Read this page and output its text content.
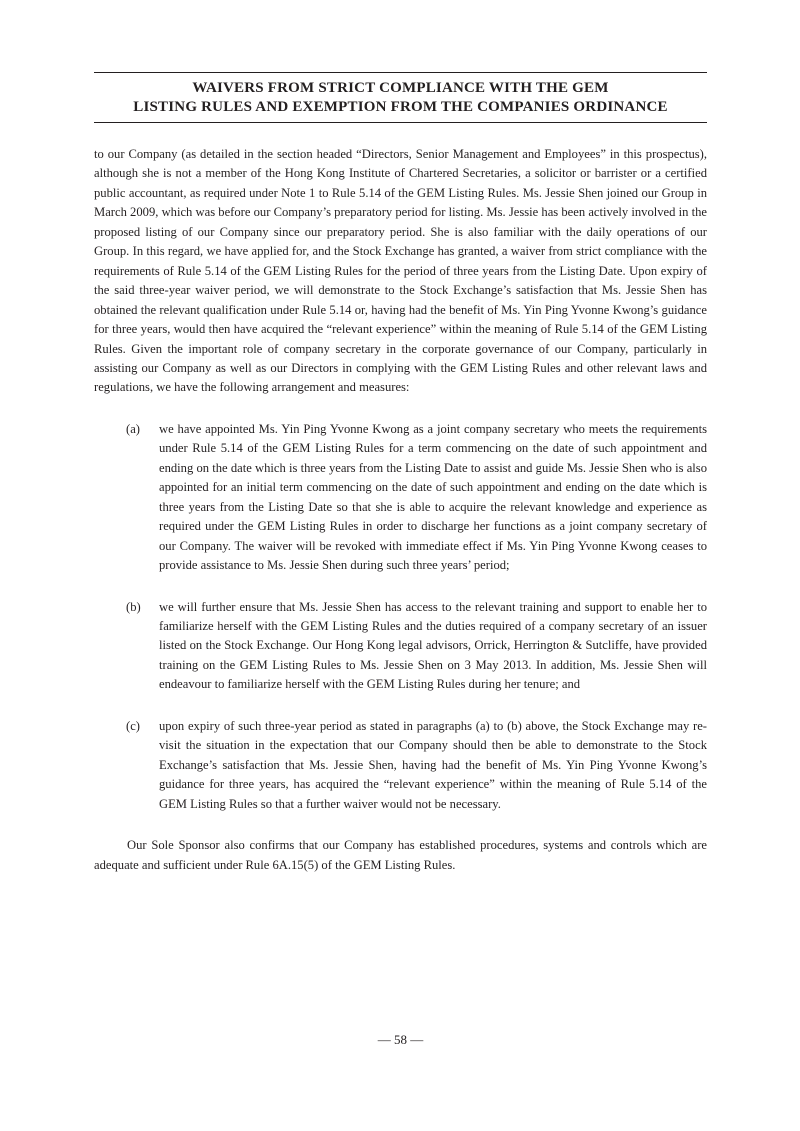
WAIVERS FROM STRICT COMPLIANCE WITH THE GEM
LISTING RULES AND EXEMPTION FROM THE COMPANIES ORDINANCE

to our Company (as detailed in the section headed “Directors, Senior Management and Employees” in this prospectus), although she is not a member of the Hong Kong Institute of Chartered Secretaries, a solicitor or barrister or a certified public accountant, as required under Note 1 to Rule 5.14 of the GEM Listing Rules. Ms. Jessie Shen joined our Group in March 2009, which was before our Company’s preparatory period for listing. Ms. Jessie has been actively involved in the proposed listing of our Company since our preparatory period. She is also familiar with the daily operations of our Group. In this regard, we have applied for, and the Stock Exchange has granted, a waiver from strict compliance with the requirements of Rule 5.14 of the GEM Listing Rules for the period of three years from the Listing Date. Upon expiry of the said three-year waiver period, we will demonstrate to the Stock Exchange’s satisfaction that Ms. Jessie Shen has obtained the relevant qualification under Rule 5.14 or, having had the benefit of Ms. Yin Ping Yvonne Kwong’s guidance for three years, would then have acquired the “relevant experience” within the meaning of Rule 5.14 of the GEM Listing Rules. Given the important role of company secretary in the corporate governance of our Company, particularly in assisting our Company as well as our Directors in complying with the GEM Listing Rules and other relevant laws and regulations, we have the following arrangement and measures:

(a)	we have appointed Ms. Yin Ping Yvonne Kwong as a joint company secretary who meets the requirements under Rule 5.14 of the GEM Listing Rules for a term commencing on the date of such appointment and ending on the date which is three years from the Listing Date to assist and guide Ms. Jessie Shen who is also appointed for an initial term commencing on the date of such appointment and ending on the date which is three years from the Listing Date so that she is able to acquire the relevant knowledge and experience as required under the GEM Listing Rules in order to discharge her functions as a joint company secretary of our Company. The waiver will be revoked with immediate effect if Ms. Yin Ping Yvonne Kwong ceases to provide assistance to Ms. Jessie Shen during such three years’ period;

(b)	we will further ensure that Ms. Jessie Shen has access to the relevant training and support to enable her to familiarize herself with the GEM Listing Rules and the duties required of a company secretary of an issuer listed on the Stock Exchange. Our Hong Kong legal advisors, Orrick, Herrington & Sutcliffe, have provided training on the GEM Listing Rules to Ms. Jessie Shen on 3 May 2013. In addition, Ms. Jessie Shen will endeavour to familiarize herself with the GEM Listing Rules during her tenure; and

(c)	upon expiry of such three-year period as stated in paragraphs (a) to (b) above, the Stock Exchange may re-visit the situation in the expectation that our Company should then be able to demonstrate to the Stock Exchange’s satisfaction that Ms. Jessie Shen, having had the benefit of Ms. Yin Ping Yvonne Kwong’s guidance for three years, has acquired the “relevant experience” within the meaning of Rule 5.14 of the GEM Listing Rules so that a further waiver would not be necessary.

Our Sole Sponsor also confirms that our Company has established procedures, systems and controls which are adequate and sufficient under Rule 6A.15(5) of the GEM Listing Rules.

— 58 —
